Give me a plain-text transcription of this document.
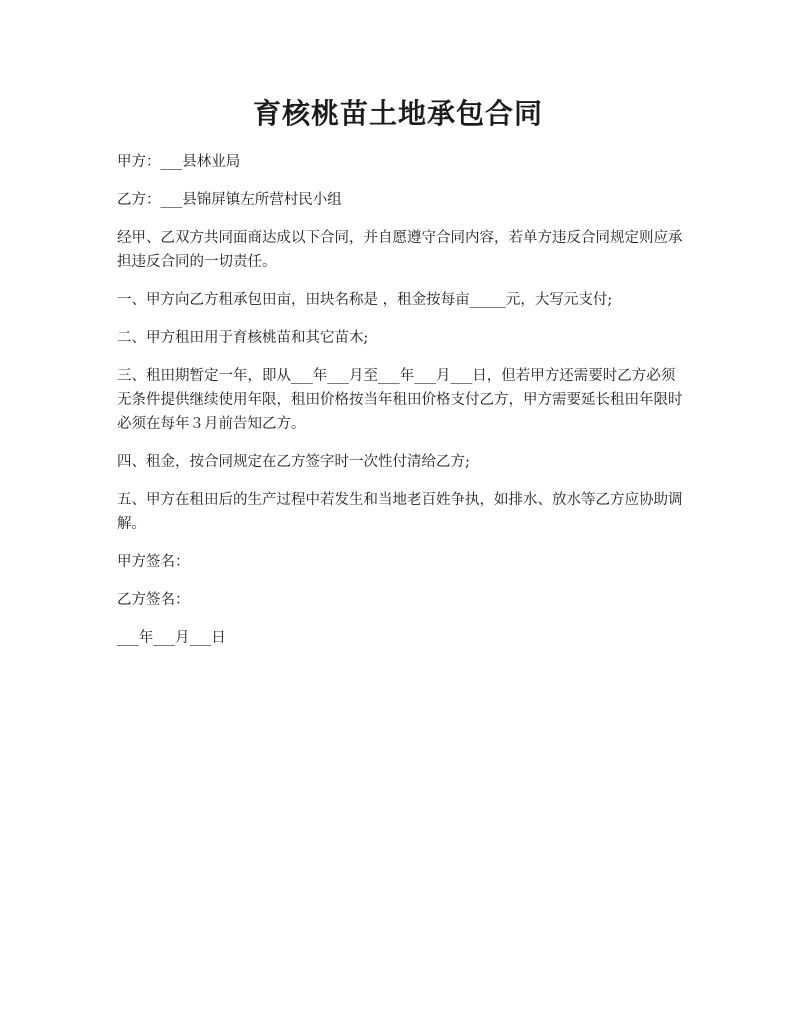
育核桃苗土地承包合同

甲方：___县林业局

乙方：___县锦屏镇左所营村民小组

经甲、乙双方共同面商达成以下合同，并自愿遵守合同内容，若单方违反合同规定则应承担违反合同的一切责任。

一、甲方向乙方租承包田亩，田块名称是 ，租金按每亩_____元，大写元支付;

二、甲方租田用于育核桃苗和其它苗木;

三、租田期暂定一年，即从___年___月至___年___月___日，但若甲方还需要时乙方必须无条件提供继续使用年限，租田价格按当年租田价格支付乙方，甲方需要延长租田年限时必须在每年３月前告知乙方。

四、租金，按合同规定在乙方签字时一次性付清给乙方;

五、甲方在租田后的生产过程中若发生和当地老百姓争执，如排水、放水等乙方应协助调解。

甲方签名：

乙方签名：

___年___月___日
